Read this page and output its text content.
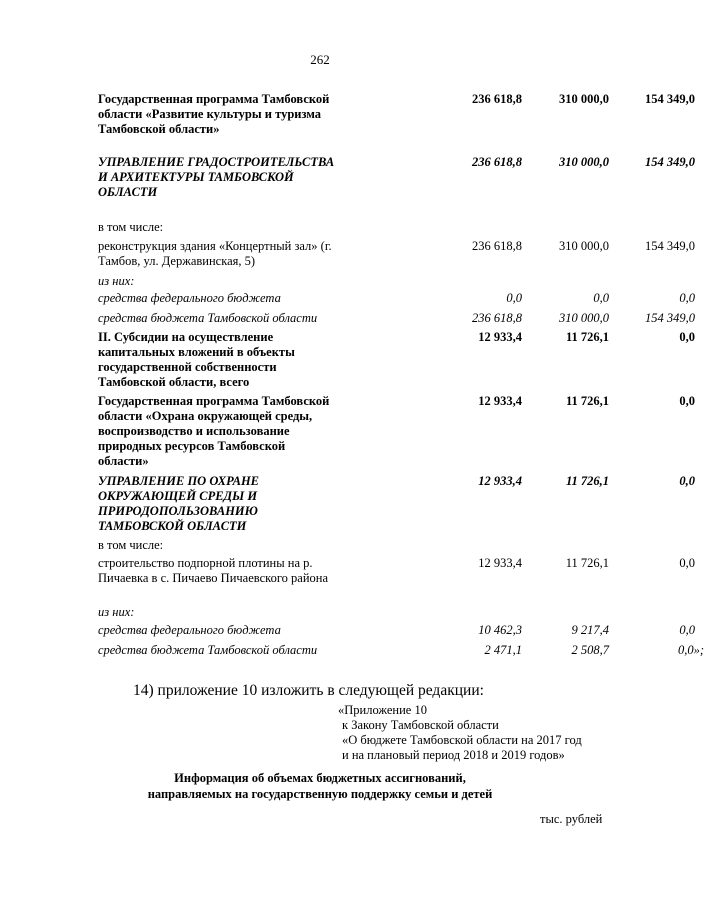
262
Государственная программа Тамбовской области «Развитие культуры и туризма Тамбовской области»
236 618,8	310 000,0	154 349,0
УПРАВЛЕНИЕ ГРАДОСТРОИТЕЛЬСТВА И АРХИТЕКТУРЫ ТАМБОВСКОЙ ОБЛАСТИ
236 618,8	310 000,0	154 349,0
в том числе:
реконструкция здания «Концертный зал» (г. Тамбов, ул. Державинская, 5)
236 618,8	310 000,0	154 349,0
из них:
средства федерального бюджета	0,0	0,0	0,0
средства бюджета Тамбовской области	236 618,8	310 000,0	154 349,0
II. Субсидии на осуществление капитальных вложений в объекты государственной собственности Тамбовской области, всего
12 933,4	11 726,1	0,0
Государственная программа Тамбовской области «Охрана окружающей среды, воспроизводство и использование природных ресурсов Тамбовской области»
12 933,4	11 726,1	0,0
УПРАВЛЕНИЕ ПО ОХРАНЕ ОКРУЖАЮЩЕЙ СРЕДЫ И ПРИРОДОПОЛЬЗОВАНИЮ ТАМБОВСКОЙ ОБЛАСТИ
12 933,4	11 726,1	0,0
в том числе:
строительство подпорной плотины на р. Пичаевка в с. Пичаево Пичаевского района
12 933,4	11 726,1	0,0
из них:
средства федерального бюджета	10 462,3	9 217,4	0,0
средства бюджета Тамбовской области	2 471,1	2 508,7	0,0»;
14) приложение 10 изложить в следующей редакции:
«Приложение 10
к Закону Тамбовской области
«О бюджете Тамбовской области на 2017 год
и на плановый период 2018 и 2019 годов»
Информация об объемах бюджетных ассигнований,
направляемых на государственную поддержку семьи и детей
тыс. рублей
